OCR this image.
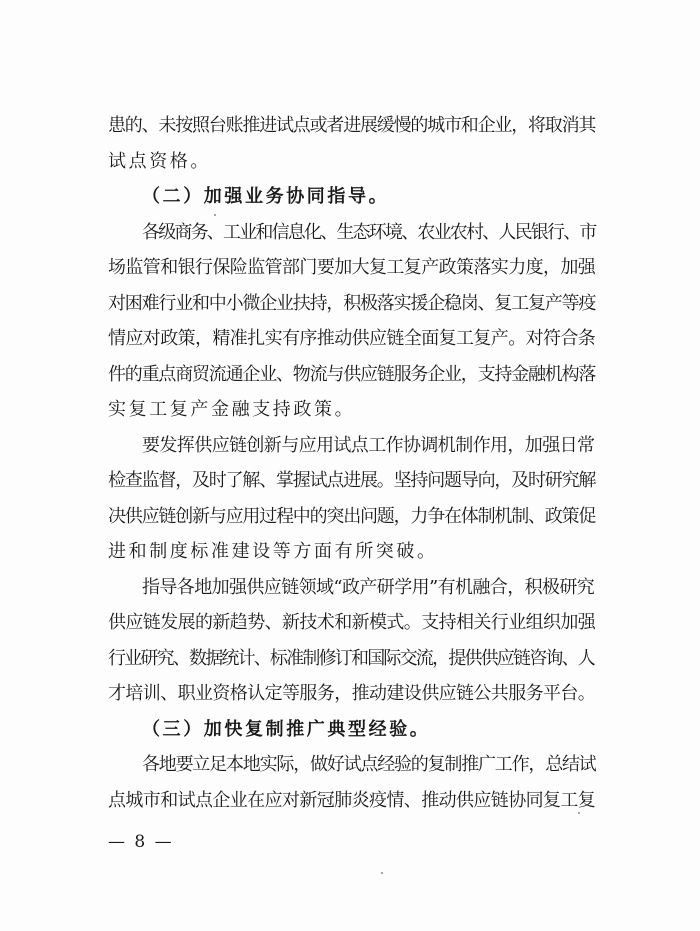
患的、未按照台账推进试点或者进展缓慢的城市和企业，将取消其
试点资格。
（二）加强业务协同指导。
各级商务、工业和信息化、生态环境、农业农村、人民银行、市
场监管和银行保险监管部门要加大复工复产政策落实力度，加强
对困难行业和中小微企业扶持，积极落实援企稳岗、复工复产等疫
情应对政策，精准扎实有序推动供应链全面复工复产。对符合条
件的重点商贸流通企业、物流与供应链服务企业，支持金融机构落
实复工复产金融支持政策。
要发挥供应链创新与应用试点工作协调机制作用，加强日常
检查监督，及时了解、掌握试点进展。坚持问题导向，及时研究解
决供应链创新与应用过程中的突出问题，力争在体制机制、政策促
进和制度标准建设等方面有所突破。
指导各地加强供应链领域“政产研学用”有机融合，积极研究
供应链发展的新趋势、新技术和新模式。支持相关行业组织加强
行业研究、数据统计、标准制修订和国际交流，提供供应链咨询、人
才培训、职业资格认定等服务，推动建设供应链公共服务平台。
（三）加快复制推广典型经验。
各地要立足本地实际，做好试点经验的复制推广工作，总结试
点城市和试点企业在应对新冠肺炎疫情、推动供应链协同复工复
— 8 —
